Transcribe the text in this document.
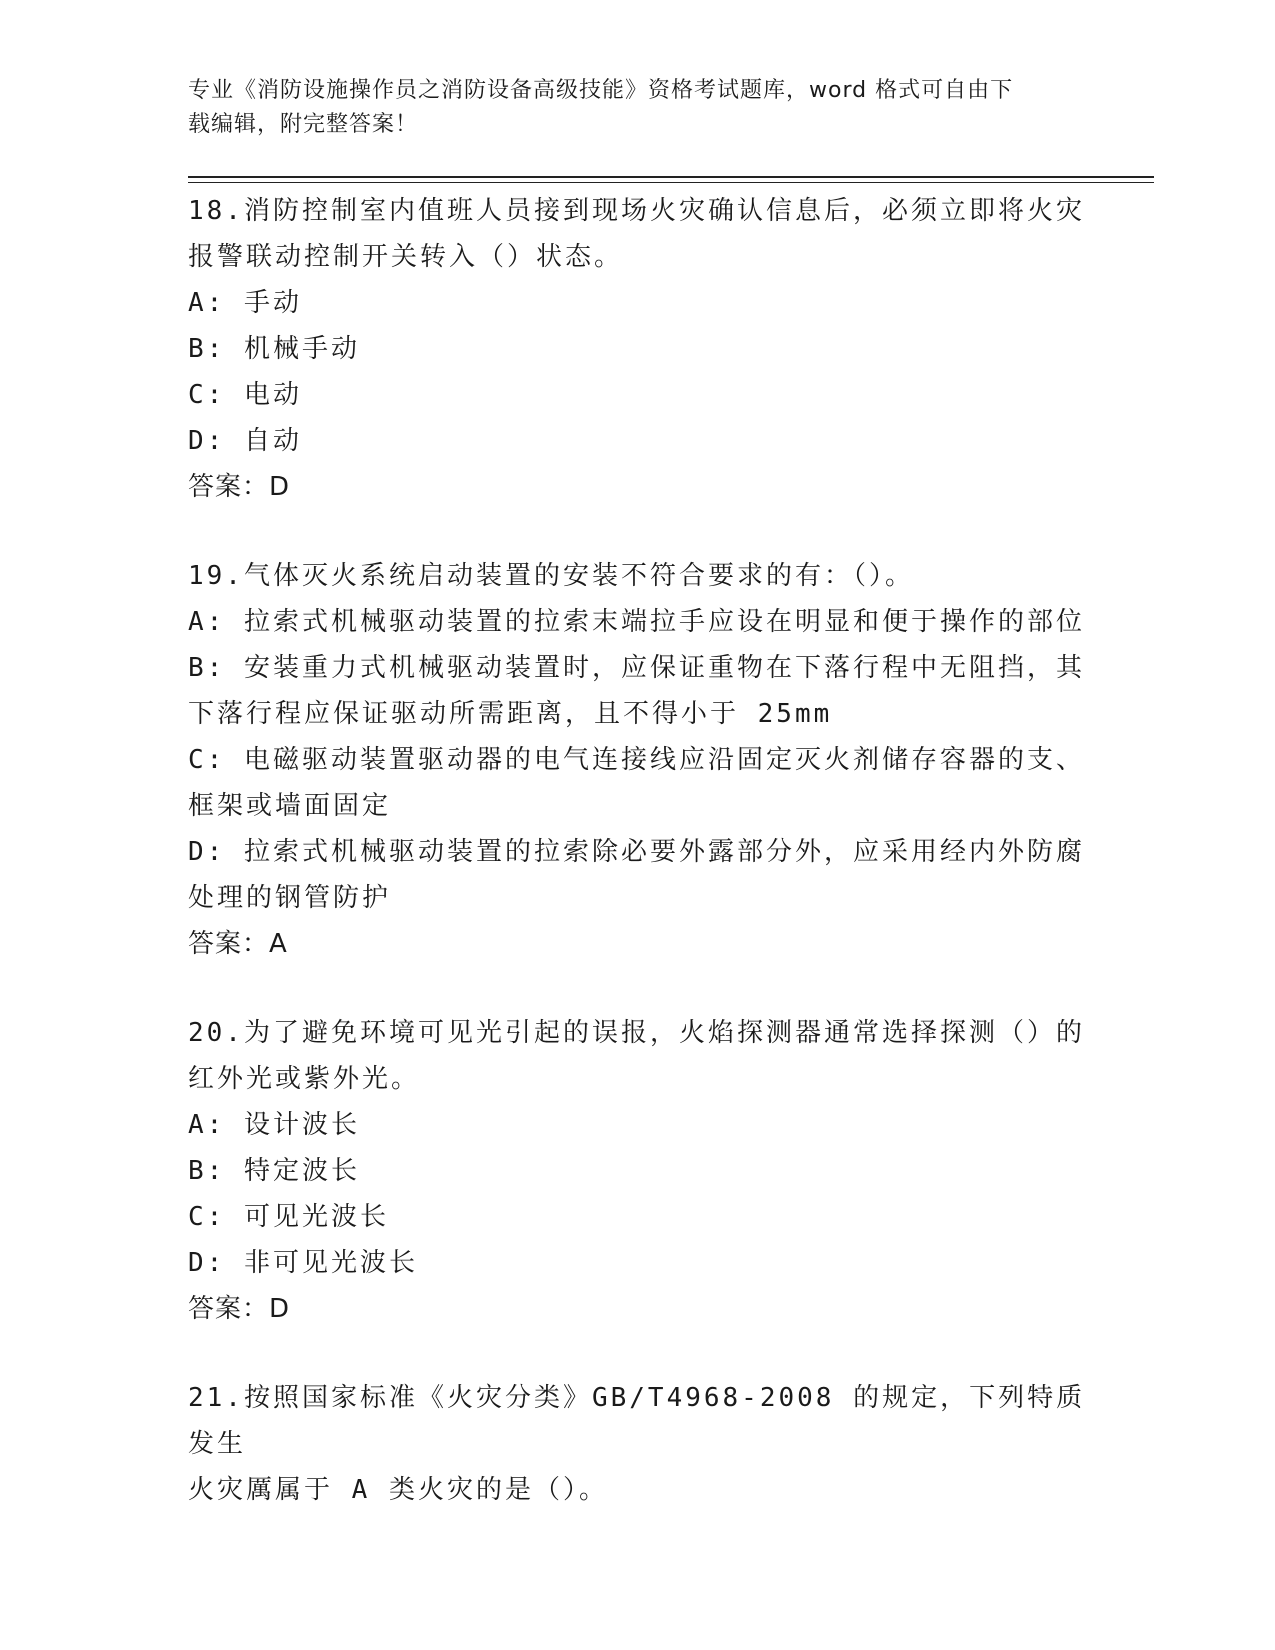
专业《消防设施操作员之消防设备高级技能》资格考试题库，word 格式可自由下
载编辑，附完整答案！
18.消防控制室内值班人员接到现场火灾确认信息后，必须立即将火灾
报警联动控制开关转入（）状态。
A: 手动
B: 机械手动
C: 电动
D: 自动
答案：D
19.气体灭火系统启动装置的安装不符合要求的有：（）。
A: 拉索式机械驱动装置的拉索末端拉手应设在明显和便于操作的部位
B: 安装重力式机械驱动装置时，应保证重物在下落行程中无阻挡，其
下落行程应保证驱动所需距离，且不得小于 25mm
C: 电磁驱动装置驱动器的电气连接线应沿固定灭火剂储存容器的支、
框架或墙面固定
D: 拉索式机械驱动装置的拉索除必要外露部分外，应采用经内外防腐
处理的钢管防护
答案：A
20.为了避免环境可见光引起的误报，火焰探测器通常选择探测（）的
红外光或紫外光。
A: 设计波长
B: 特定波长
C: 可见光波长
D: 非可见光波长
答案：D
21.按照国家标准《火灾分类》GB/T4968-2008 的规定，下列特质发生
火灾厲属于 A 类火灾的是（）。
